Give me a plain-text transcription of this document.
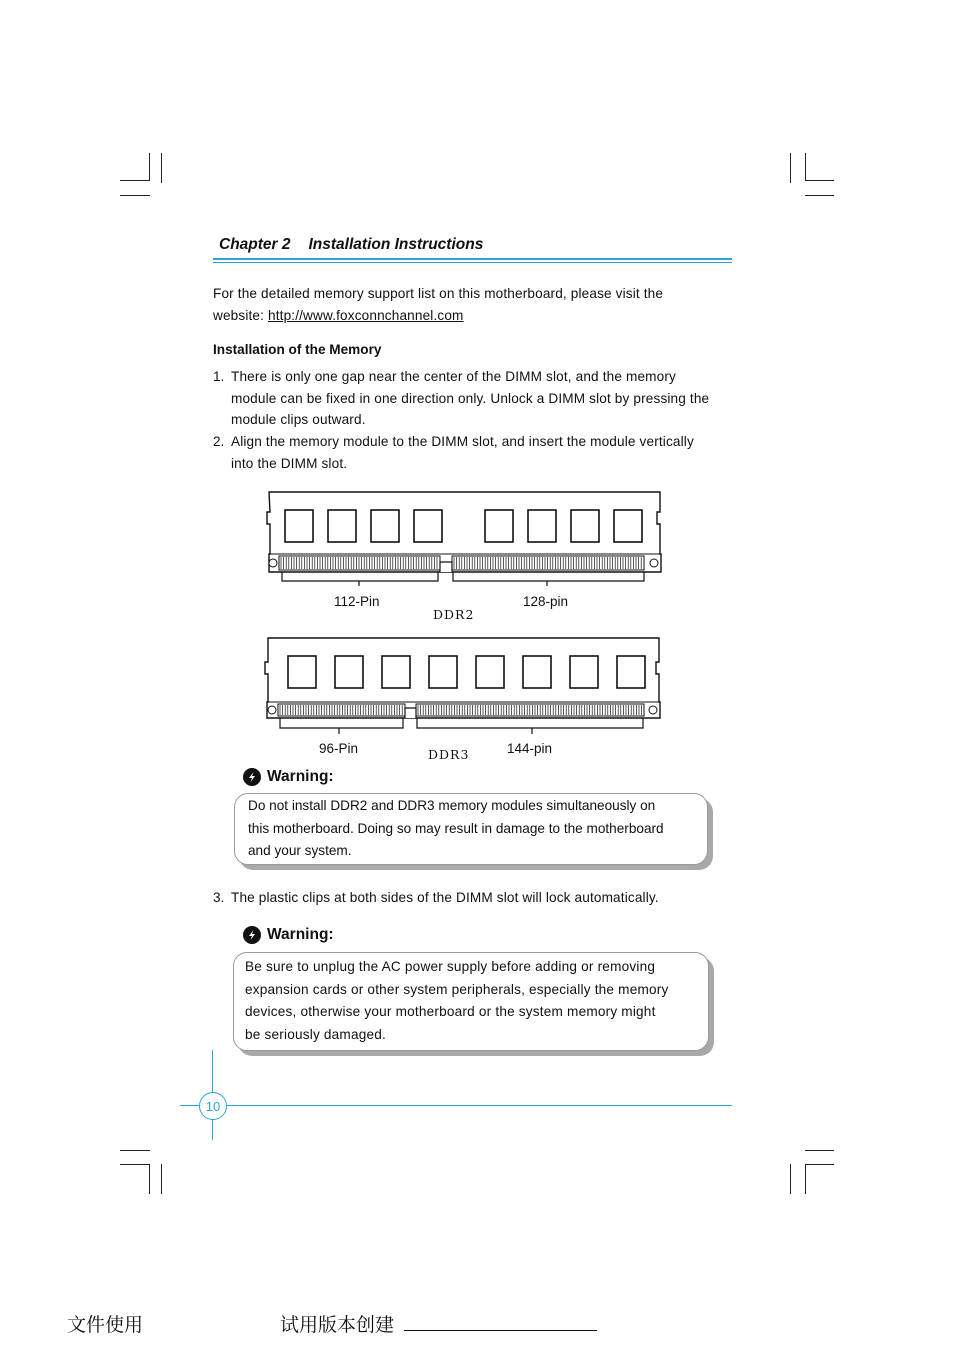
Chapter 2 Installation Instructions
For the detailed memory support list on this motherboard, please visit the
website: http://www.foxconnchannel.com
Installation of the Memory
1. There is only one gap near the center of the DIMM slot, and the memory
module can be fixed in one direction only. Unlock a DIMM slot by pressing the
module clips outward.
2. Align the memory module to the DIMM slot, and insert the module vertically
into the DIMM slot.
112-Pin	128-pin
DDR2
96-Pin	144-pin
DDR3
Warning:
Do not install DDR2 and DDR3 memory modules simultaneously on
this motherboard. Doing so may result in damage to the motherboard
and your system.
3. The plastic clips at both sides of the DIMM slot will lock automatically.
Warning:
Be sure to unplug the AC power supply before adding or removing
expansion cards or other system peripherals, especially the memory
devices, otherwise your motherboard or the system memory might
be seriously damaged.
10
文件使用	试用版本创建
